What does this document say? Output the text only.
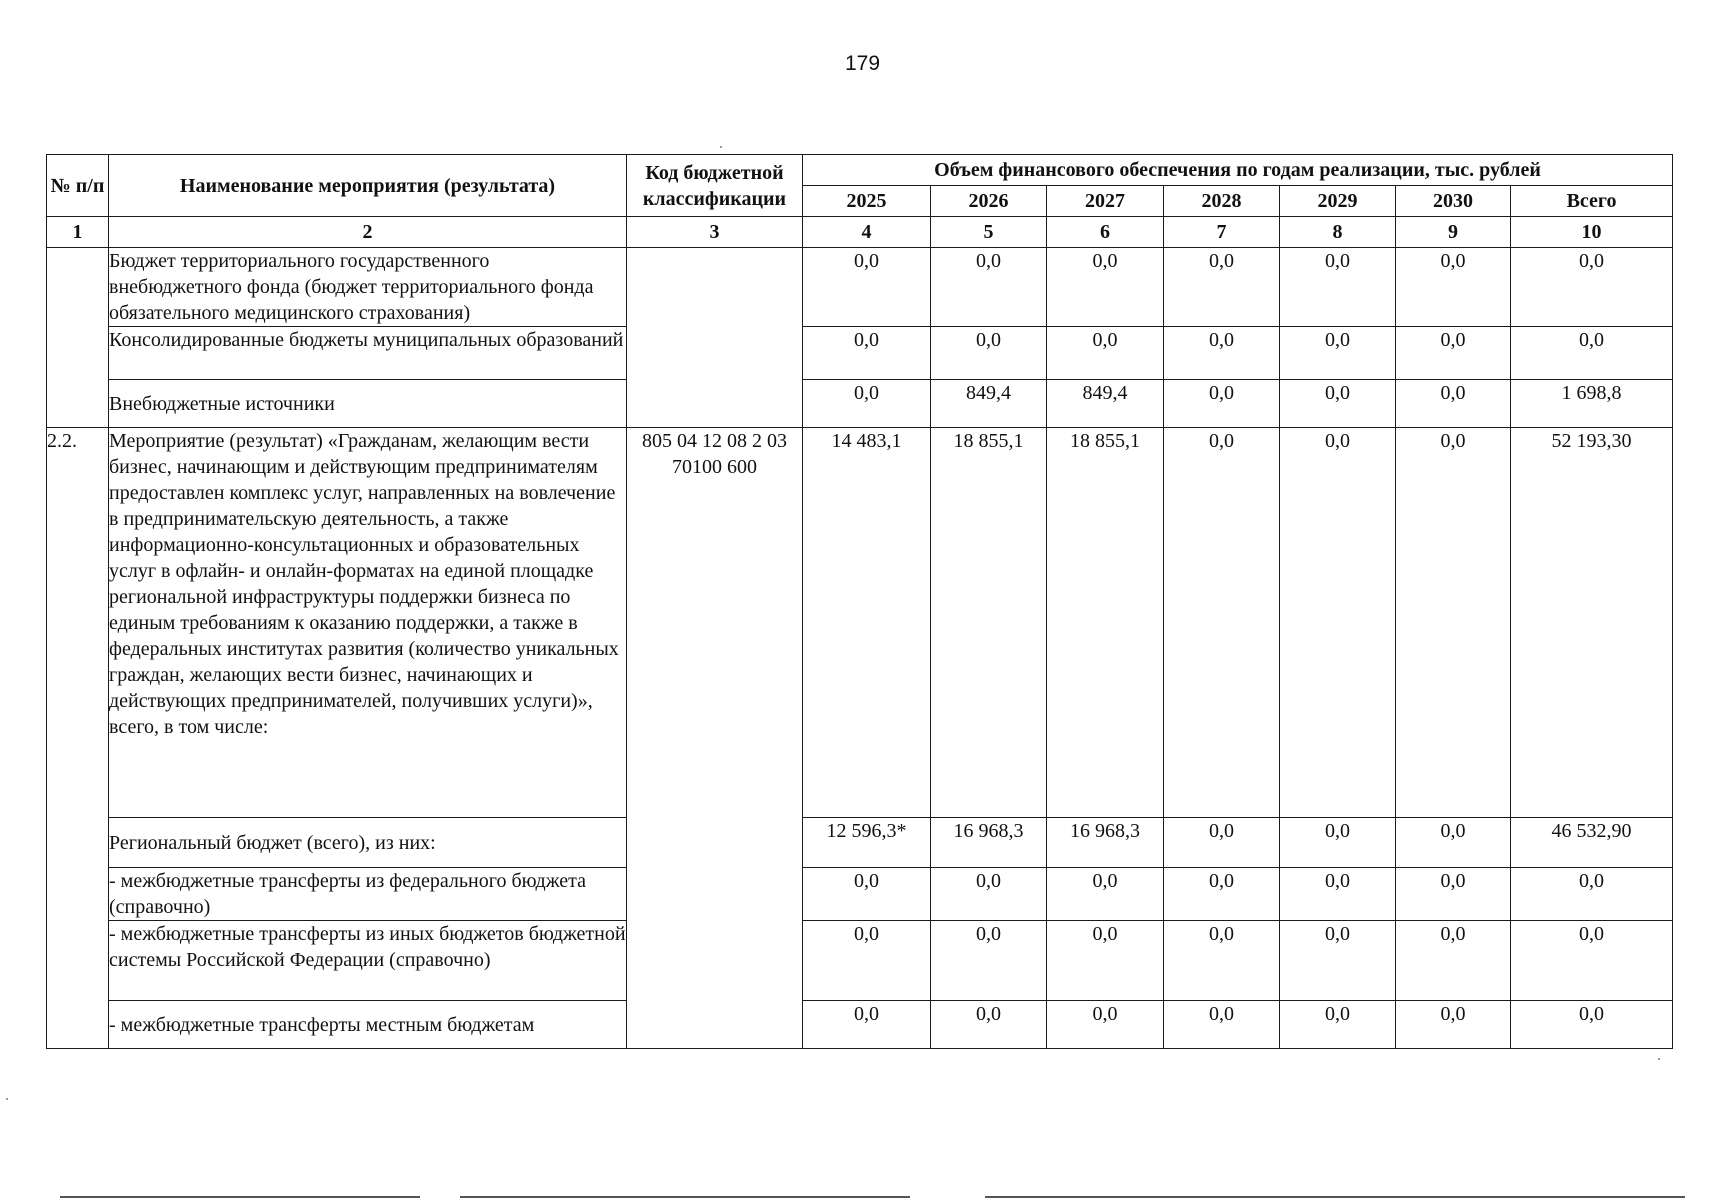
179
№ п/п	Наименование мероприятия (результата)	Код бюджетной классификации	Объем финансового обеспечения по годам реализации, тыс. рублей						
			2025	2026	2027	2028	2029	2030	Всего
1	2	3	4	5	6	7	8	9	10
	Бюджет территориального государственного внебюджетного фонда (бюджет территориального фонда обязательного медицинского страхования)		0,0	0,0	0,0	0,0	0,0	0,0	0,0
	Консолидированные бюджеты муниципальных образований		0,0	0,0	0,0	0,0	0,0	0,0	0,0
	Внебюджетные источники		0,0	849,4	849,4	0,0	0,0	0,0	1 698,8
2.2.	Мероприятие (результат) «Гражданам, желающим вести бизнес, начинающим и действующим предпринимателям предоставлен комплекс услуг, направленных на вовлечение в предпринимательскую деятельность, а также информационно-консультационных и образовательных услуг в офлайн- и онлайн-форматах на единой площадке региональной инфраструктуры поддержки бизнеса по единым требованиям к оказанию поддержки, а также в федеральных институтах развития (количество уникальных граждан, желающих вести бизнес, начинающих и действующих предпринимателей, получивших услуги)», всего, в том числе:	805 04 12 08 2 03 70100 600	14 483,1	18 855,1	18 855,1	0,0	0,0	0,0	52 193,30
	Региональный бюджет (всего), из них:		12 596,3*	16 968,3	16 968,3	0,0	0,0	0,0	46 532,90
	- межбюджетные трансферты из федерального бюджета (справочно)		0,0	0,0	0,0	0,0	0,0	0,0	0,0
	- межбюджетные трансферты из иных бюджетов бюджетной системы Российской Федерации (справочно)		0,0	0,0	0,0	0,0	0,0	0,0	0,0
	- межбюджетные трансферты местным бюджетам		0,0	0,0	0,0	0,0	0,0	0,0	0,0
